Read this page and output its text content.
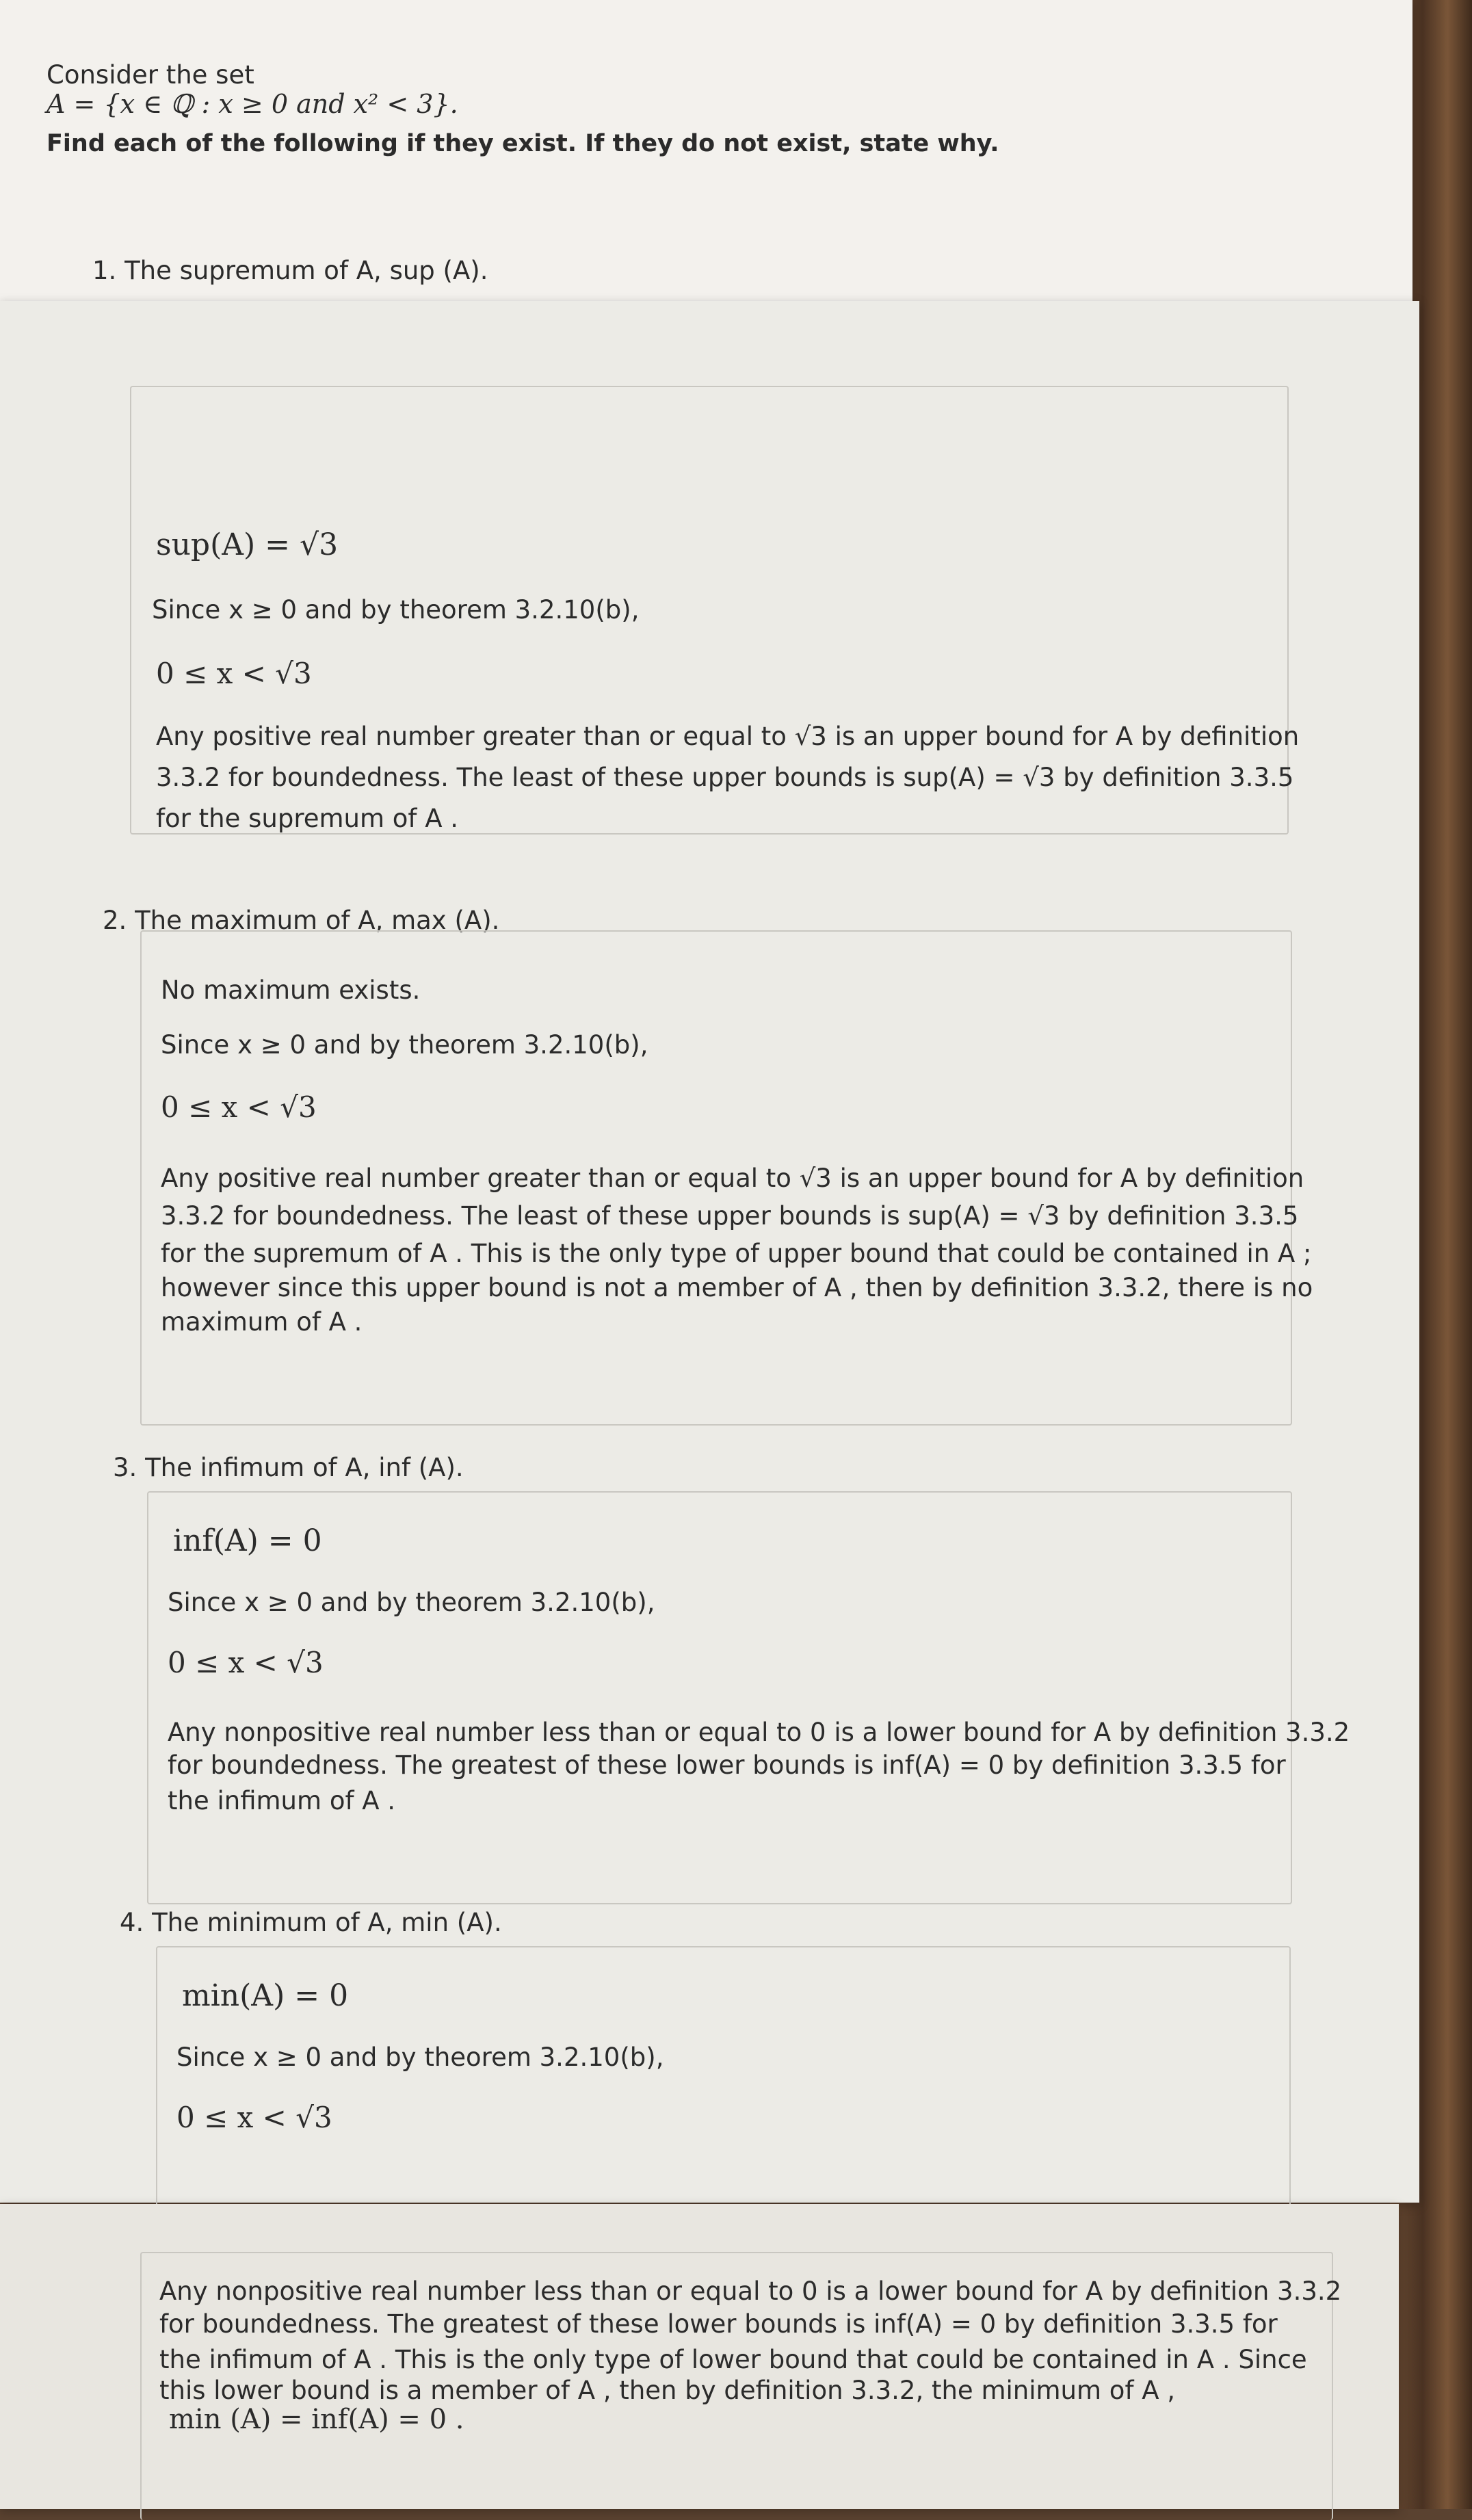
Consider the set
A = {x ∈ ℚ : x ≥ 0 and x² < 3}.
Find each of the following if they exist. If they do not exist, state why.
1. The supremum of A, sup (A).
sup(A) = √3
Since x ≥ 0 and by theorem 3.2.10(b),
0 ≤ x < √3
Any positive real number greater than or equal to √3 is an upper bound for A by definition
3.3.2 for boundedness. The least of these upper bounds is sup(A) = √3 by definition 3.3.5
for the supremum of A .
2. The maximum of A, max (A).
No maximum exists.
Since x ≥ 0 and by theorem 3.2.10(b),
0 ≤ x < √3
Any positive real number greater than or equal to √3 is an upper bound for A by definition
3.3.2 for boundedness. The least of these upper bounds is sup(A) = √3 by definition 3.3.5
for the supremum of A . This is the only type of upper bound that could be contained in A ;
however since this upper bound is not a member of A , then by definition 3.3.2, there is no
maximum of A .
3. The infimum of A, inf (A).
inf(A) = 0
Since x ≥ 0 and by theorem 3.2.10(b),
0 ≤ x < √3
Any nonpositive real number less than or equal to 0 is a lower bound for A by definition 3.3.2
for boundedness. The greatest of these lower bounds is inf(A) = 0 by definition 3.3.5 for
the infimum of A .
4. The minimum of A, min (A).
min(A) = 0
Since x ≥ 0 and by theorem 3.2.10(b),
0 ≤ x < √3
Any nonpositive real number less than or equal to 0 is a lower bound for A by definition 3.3.2
for boundedness. The greatest of these lower bounds is inf(A) = 0 by definition 3.3.5 for
the infimum of A . This is the only type of lower bound that could be contained in A . Since
this lower bound is a member of A , then by definition 3.3.2, the minimum of A ,
min (A) = inf(A) = 0 .
